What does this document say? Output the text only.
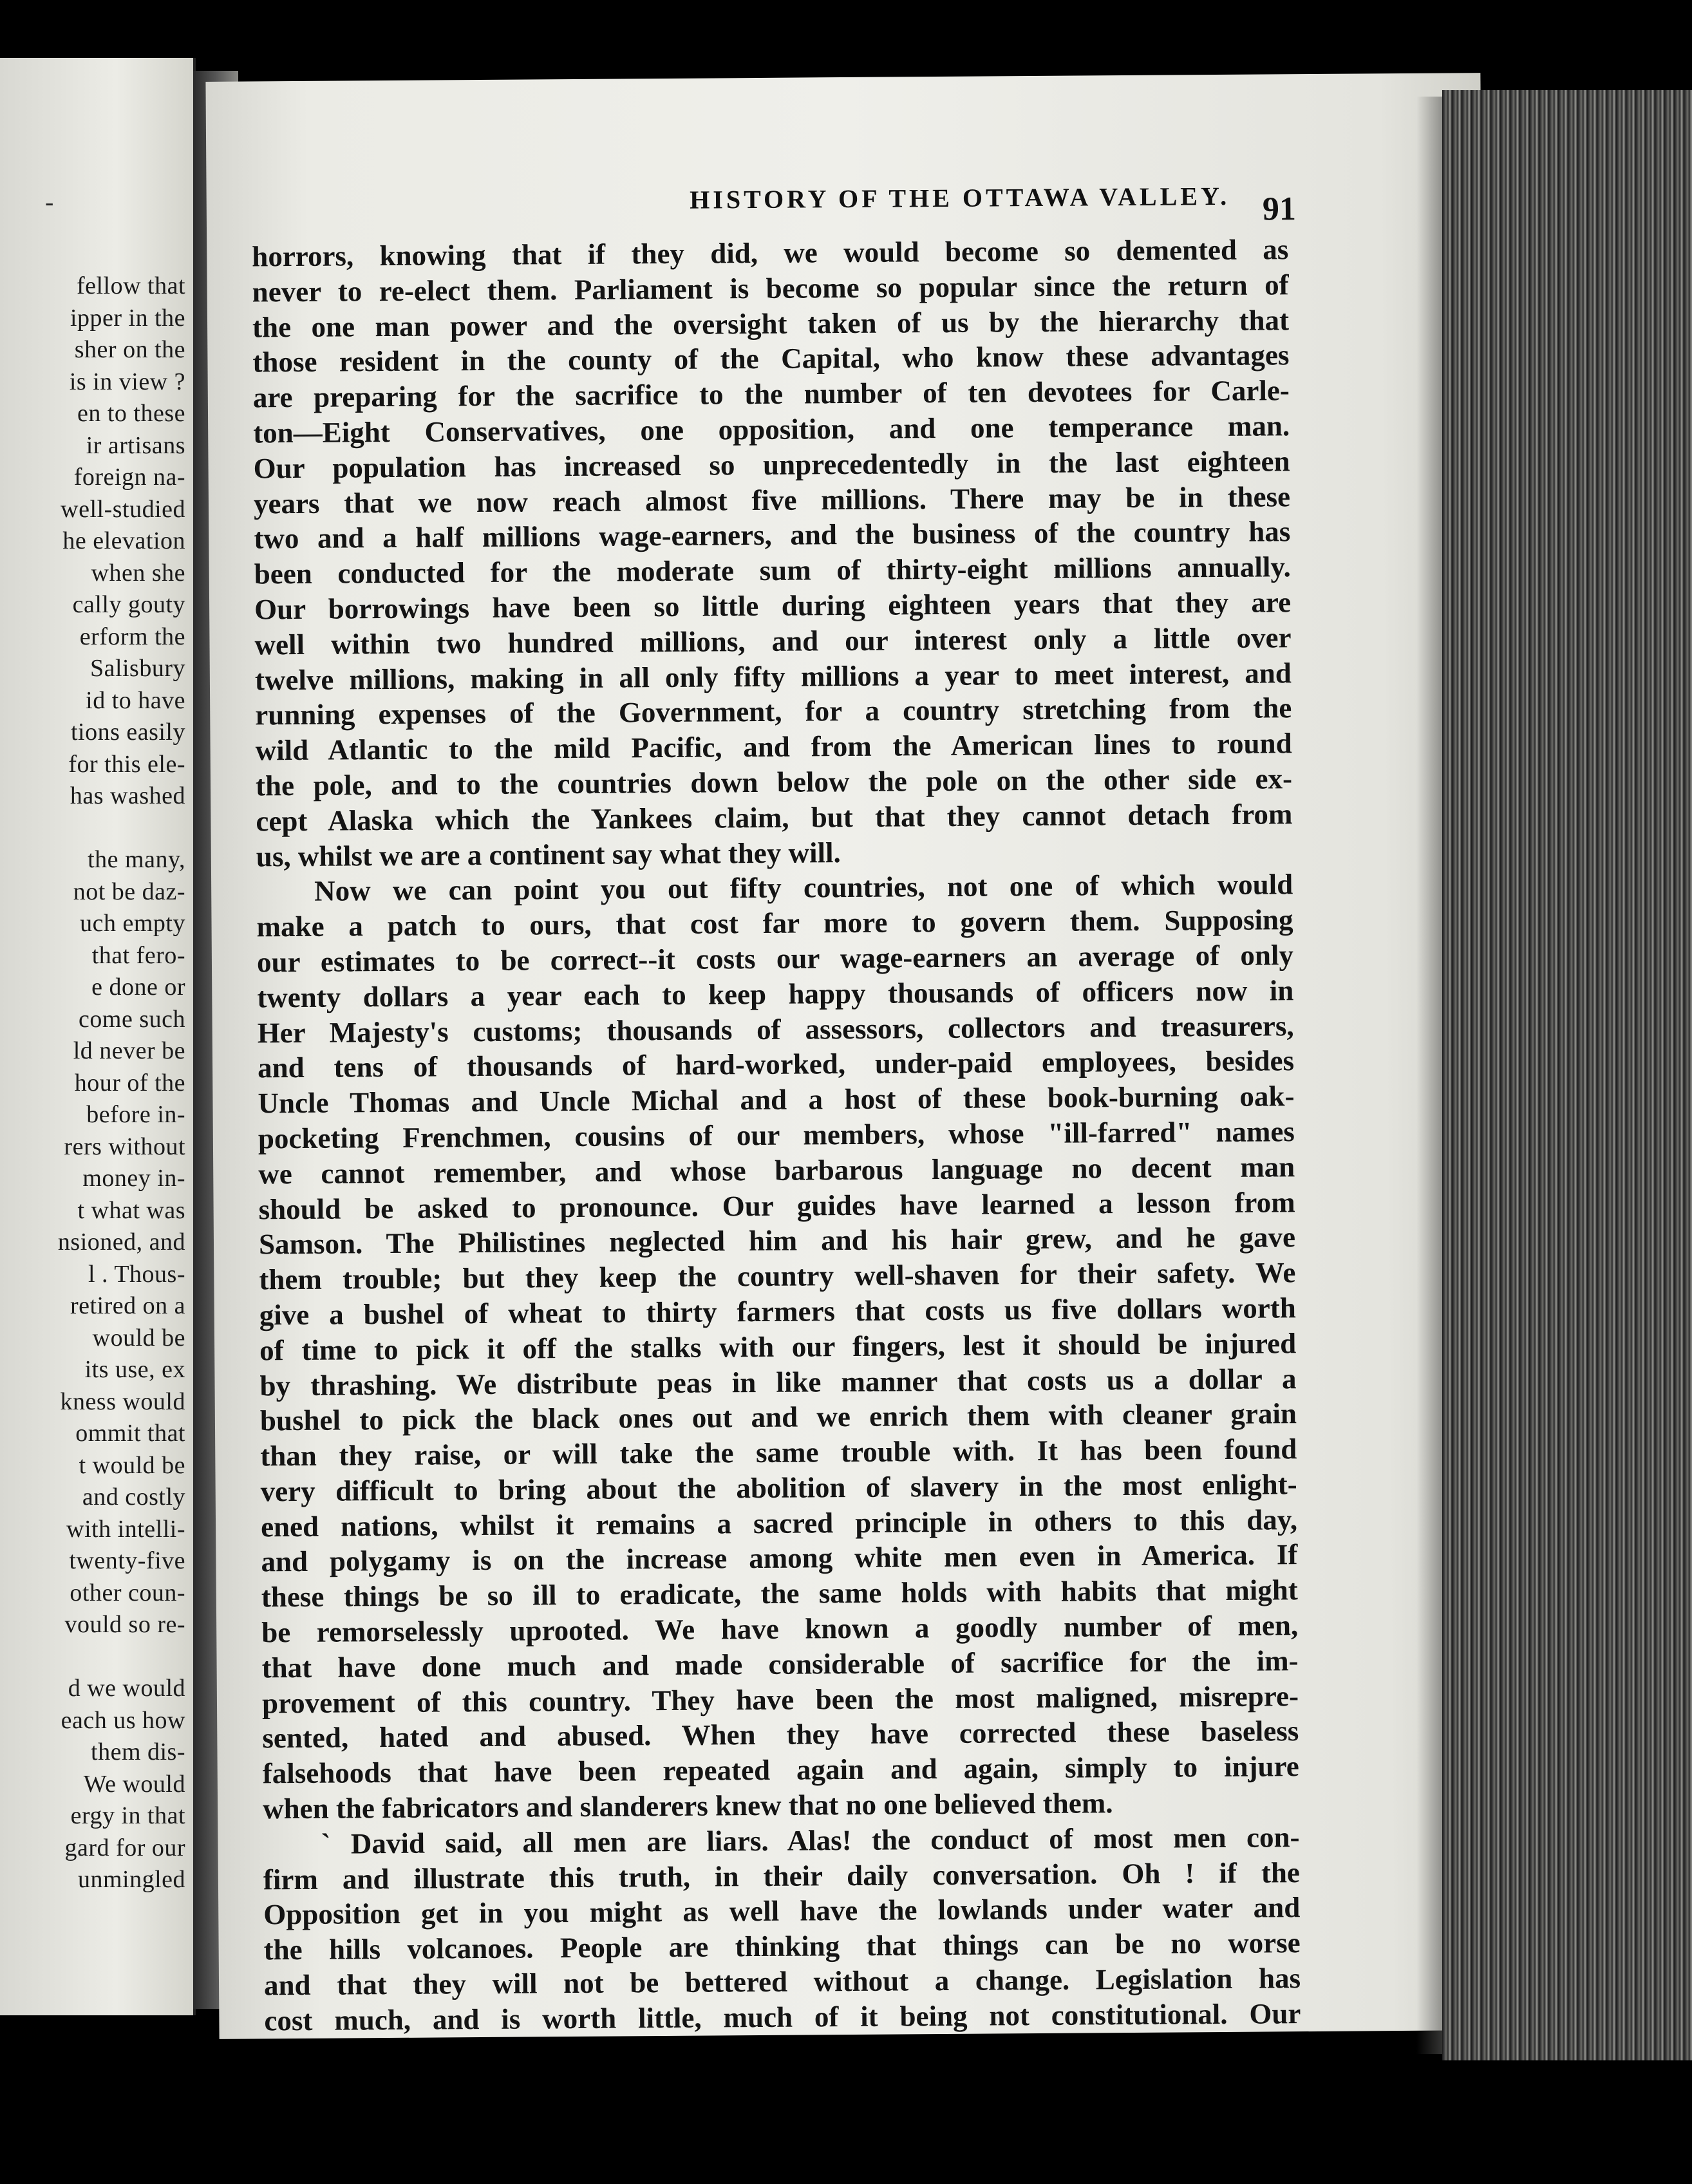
-
fellow that
ipper in the
sher on the
is in view ?
en to these
ir artisans
foreign na-
well-studied
he elevation
when she
cally gouty
erform the
Salisbury
id to have
tions easily
for this ele-
has washed
the many,
not be daz-
uch empty
that fero-
e done or
come such
ld never be
hour of the
before in-
rers without
money in-
t what was
nsioned, and
l . Thous-
retired on a
would be
its use, ex
kness would
ommit that
t would be
and costly
with intelli-
twenty-five
other coun-
vould so re-
d we would
each us how
them dis-
We would
ergy in that
gard for our
unmingled
HISTORY OF THE OTTAWA VALLEY. 91
horrors, knowing that if they did, we would become so demented as
never to re-elect them. Parliament is become so popular since the return of
the one man power and the oversight taken of us by the hierarchy that
those resident in the county of the Capital, who know these advantages
are preparing for the sacrifice to the number of ten devotees for Carle-
ton—Eight Conservatives, one opposition, and one temperance man.
Our population has increased so unprecedentedly in the last eighteen
years that we now reach almost five millions. There may be in these
two and a half millions wage-earners, and the business of the country has
been conducted for the moderate sum of thirty-eight millions annually.
Our borrowings have been so little during eighteen years that they are
well within two hundred millions, and our interest only a little over
twelve millions, making in all only fifty millions a year to meet interest, and
running expenses of the Government, for a country stretching from the
wild Atlantic to the mild Pacific, and from the American lines to round
the pole, and to the countries down below the pole on the other side ex-
cept Alaska which the Yankees claim, but that they cannot detach from
us, whilst we are a continent say what they will.
Now we can point you out fifty countries, not one of which would
make a patch to ours, that cost far more to govern them. Supposing
our estimates to be correct--it costs our wage-earners an average of only
twenty dollars a year each to keep happy thousands of officers now in
Her Majesty's customs; thousands of assessors, collectors and treasurers,
and tens of thousands of hard-worked, under-paid employees, besides
Uncle Thomas and Uncle Michal and a host of these book-burning oak-
pocketing Frenchmen, cousins of our members, whose "ill-farred" names
we cannot remember, and whose barbarous language no decent man
should be asked to pronounce. Our guides have learned a lesson from
Samson. The Philistines neglected him and his hair grew, and he gave
them trouble; but they keep the country well-shaven for their safety. We
give a bushel of wheat to thirty farmers that costs us five dollars worth
of time to pick it off the stalks with our fingers, lest it should be injured
by thrashing. We distribute peas in like manner that costs us a dollar a
bushel to pick the black ones out and we enrich them with cleaner grain
than they raise, or will take the same trouble with. It has been found
very difficult to bring about the abolition of slavery in the most enlight-
ened nations, whilst it remains a sacred principle in others to this day,
and polygamy is on the increase among white men even in America. If
these things be so ill to eradicate, the same holds with habits that might
be remorselessly uprooted. We have known a goodly number of men,
that have done much and made considerable of sacrifice for the im-
provement of this country. They have been the most maligned, misrepre-
sented, hated and abused. When they have corrected these baseless
falsehoods that have been repeated again and again, simply to injure
when the fabricators and slanderers knew that no one believed them.
` David said, all men are liars. Alas! the conduct of most men con-
firm and illustrate this truth, in their daily conversation. Oh ! if the
Opposition get in you might as well have the lowlands under water and
the hills volcanoes. People are thinking that things can be no worse
and that they will not be bettered without a change. Legislation has
cost much, and is worth little, much of it being not constitutional. Our
